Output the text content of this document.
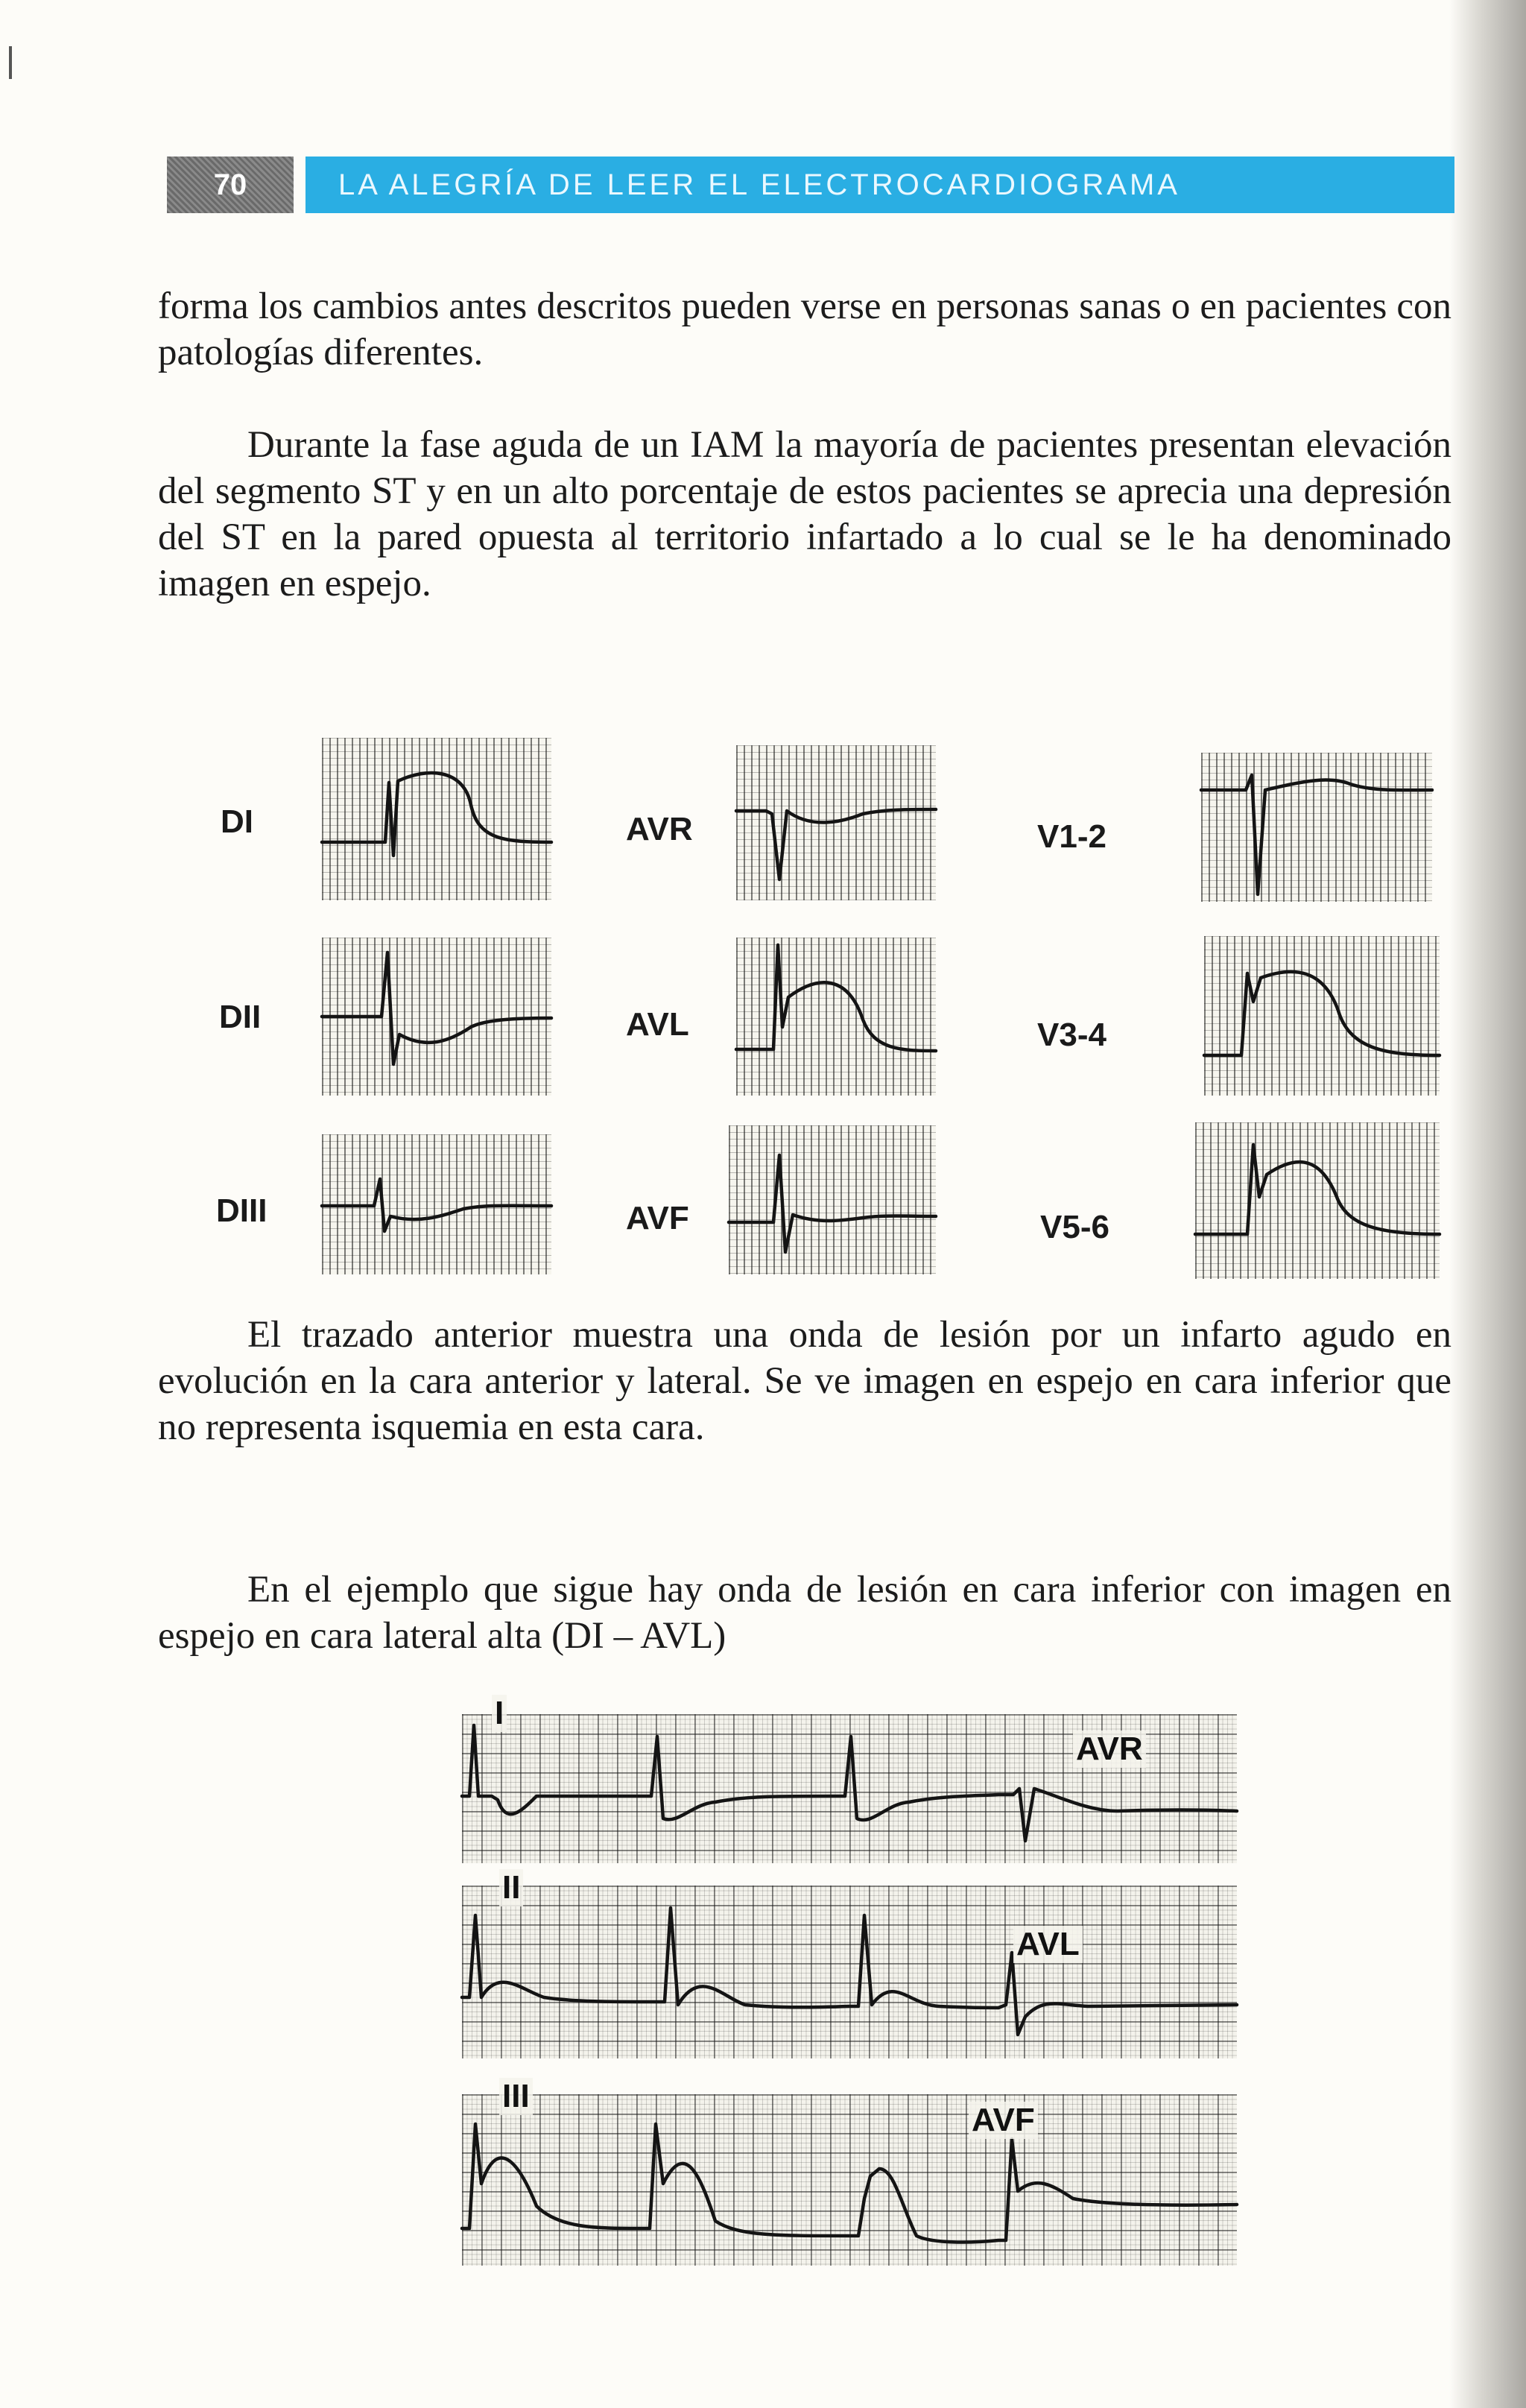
70	LA ALEGRÍA DE LEER EL ELECTROCARDIOGRAMA

forma los cambios antes descritos pueden verse en personas sanas o en pacientes con patologías diferentes.

Durante la fase aguda de un IAM la mayoría de pacientes presentan elevación del segmento ST y en un alto porcentaje de estos pacientes se aprecia una depresión del ST en la pared opuesta al territorio infartado a lo cual se le ha denominado imagen en espejo.

DI	AVR	V1-2
DII	AVL	V3-4
DIII	AVF	V5-6

El trazado anterior muestra una onda de lesión por un infarto agudo en evolución en la cara anterior y lateral. Se ve imagen en espejo en cara inferior que no representa isquemia en esta cara.

En el ejemplo que sigue hay onda de lesión en cara inferior con imagen en espejo en cara lateral alta (DI – AVL)

I
AVR
II
AVL
III
AVF
